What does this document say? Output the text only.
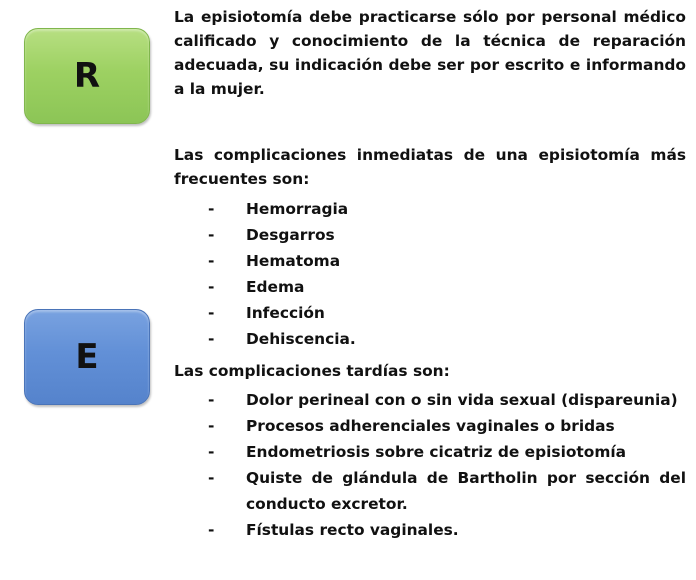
R
La episiotomía debe practicarse sólo por personal médico calificado y conocimiento de la técnica de reparación adecuada, su indicación debe ser por escrito e informando a la mujer.
Las complicaciones inmediatas de una episiotomía más frecuentes son:
- Hemorragia
- Desgarros
- Hematoma
- Edema
- Infección
- Dehiscencia.
E	Las complicaciones tardías son:
- Dolor perineal con o sin vida sexual (dispareunia)
- Procesos adherenciales vaginales o bridas
- Endometriosis sobre cicatriz de episiotomía
- Quiste de glándula de Bartholin por sección del conducto excretor.
- Fístulas recto vaginales.
